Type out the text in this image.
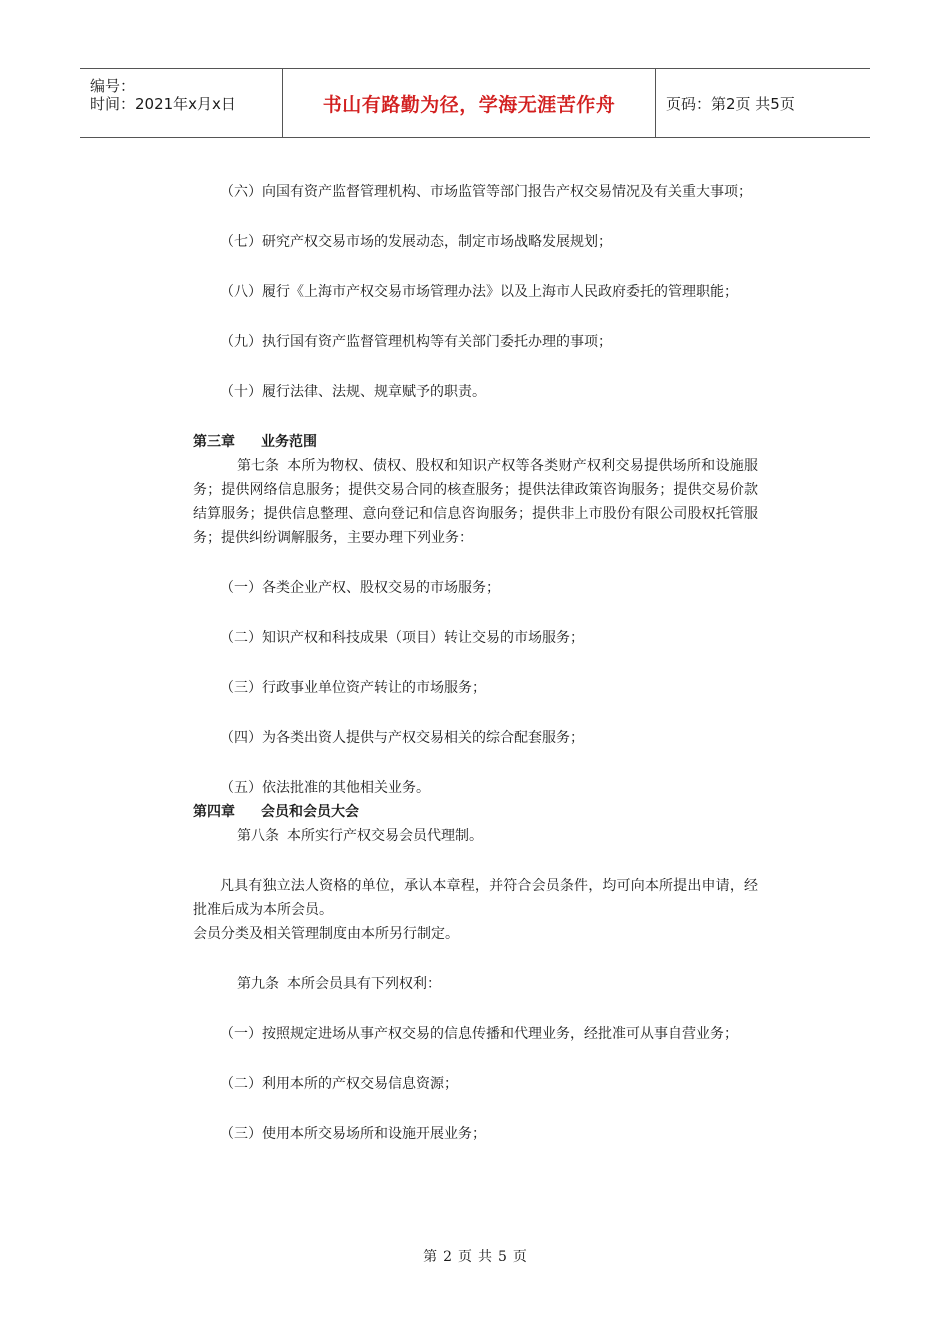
编号：
时间：2021年x月x日	书山有路勤为径，学海无涯苦作舟	页码：第2页 共5页

（六）向国有资产监督管理机构、市场监管等部门报告产权交易情况及有关重大事项；

（七）研究产权交易市场的发展动态，制定市场战略发展规划；

（八）履行《上海市产权交易市场管理办法》以及上海市人民政府委托的管理职能；

（九）执行国有资产监督管理机构等有关部门委托办理的事项；

（十）履行法律、法规、规章赋予的职责。

第三章 业务范围

第七条 本所为物权、债权、股权和知识产权等各类财产权利交易提供场所和设施服务；提供网络信息服务；提供交易合同的核查服务；提供法律政策咨询服务；提供交易价款结算服务；提供信息整理、意向登记和信息咨询服务；提供非上市股份有限公司股权托管服务；提供纠纷调解服务，主要办理下列业务：

（一）各类企业产权、股权交易的市场服务；

（二）知识产权和科技成果（项目）转让交易的市场服务；

（三）行政事业单位资产转让的市场服务；

（四）为各类出资人提供与产权交易相关的综合配套服务；

（五）依法批准的其他相关业务。

第四章 会员和会员大会

第八条 本所实行产权交易会员代理制。

凡具有独立法人资格的单位，承认本章程，并符合会员条件，均可向本所提出申请，经批准后成为本所会员。

会员分类及相关管理制度由本所另行制定。

第九条 本所会员具有下列权利：

（一）按照规定进场从事产权交易的信息传播和代理业务，经批准可从事自营业务；

（二）利用本所的产权交易信息资源；

（三）使用本所交易场所和设施开展业务；

第 2 页 共 5 页
